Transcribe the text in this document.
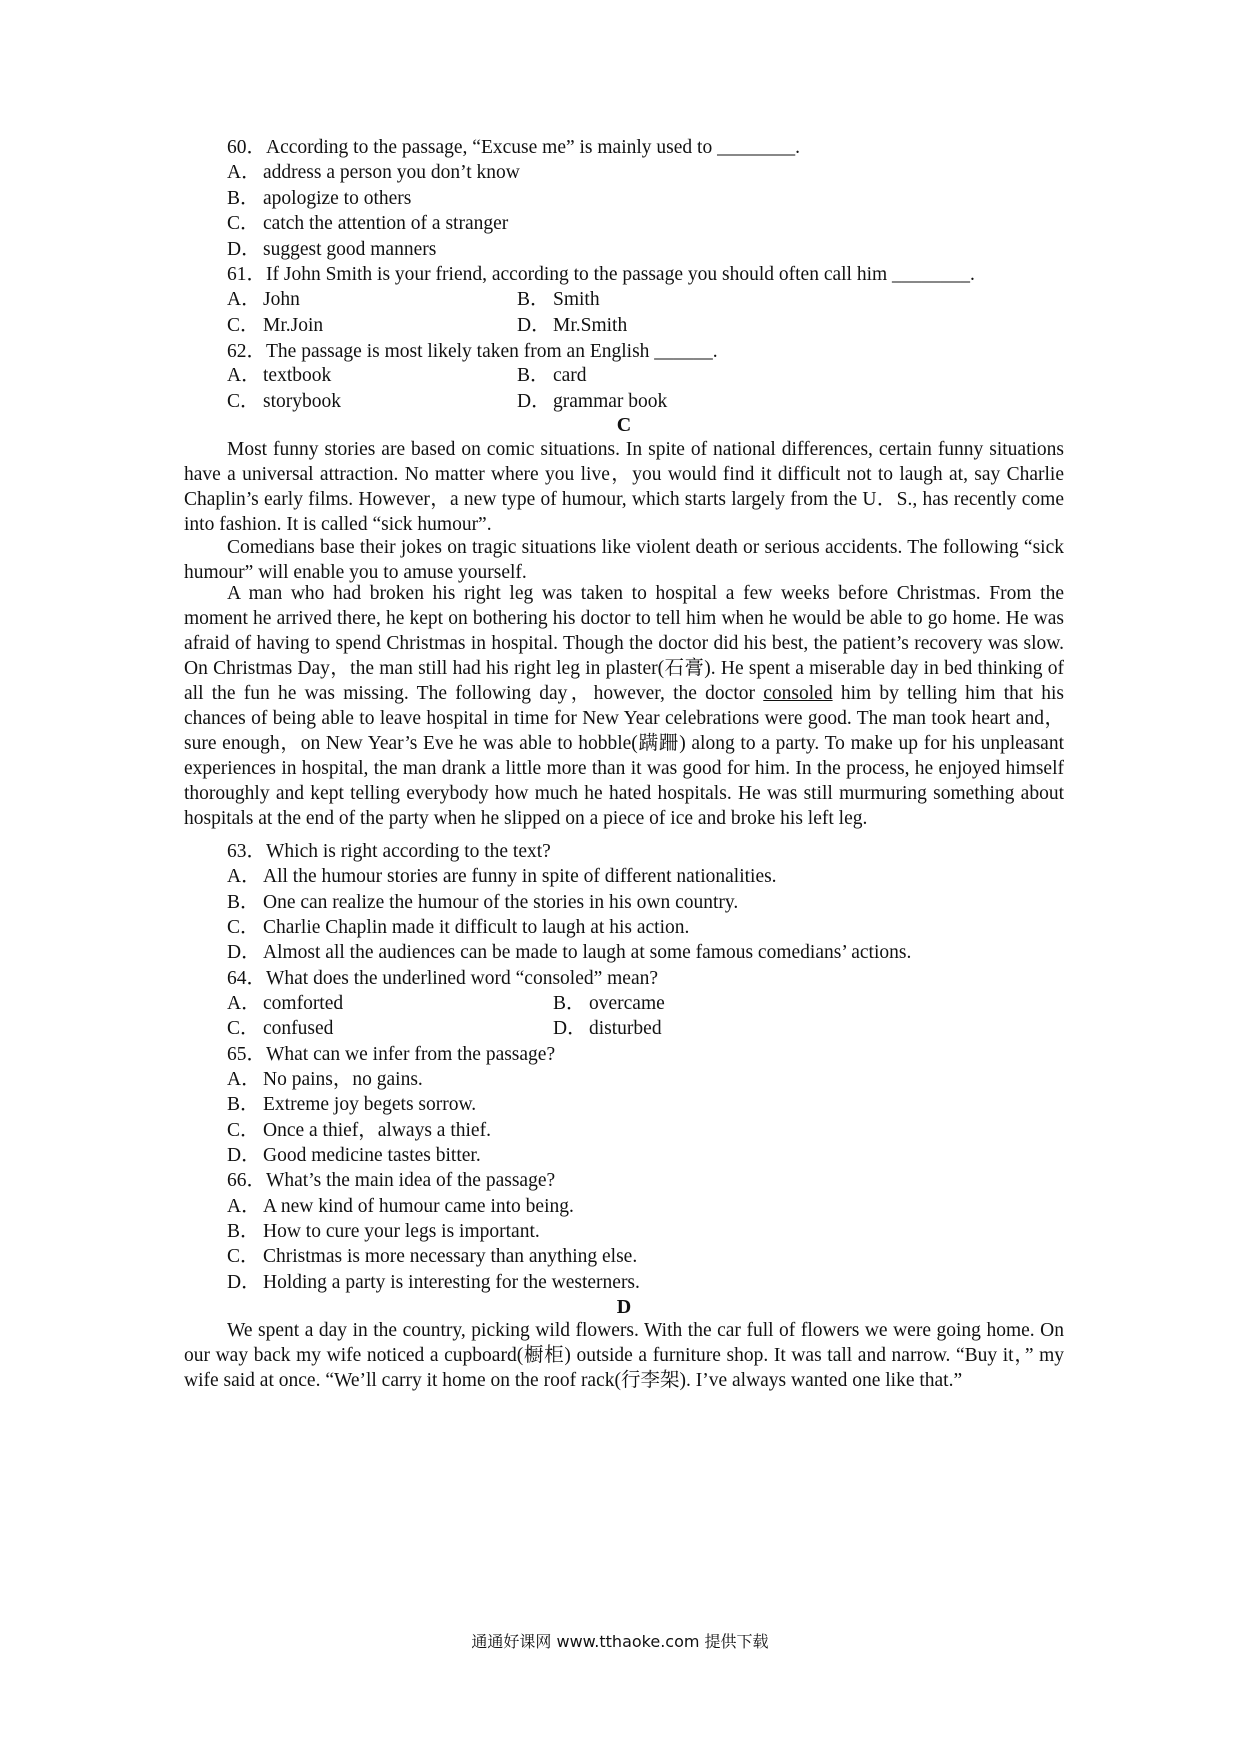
60．According to the passage, “Excuse me” is mainly used to ________.
A． address a person you don’t know
B． apologize to others
C． catch the attention of a stranger
D． suggest good manners
61．If John Smith is your friend, according to the passage you should often call him ________.
A． John	B． Smith
C． Mr.Join	D． Mr.Smith
62．The passage is most likely taken from an English ______.
A． textbook	B． card
C． storybook	D． grammar book
C

Most funny stories are based on comic situations. In spite of national differences, certain funny situations have a universal attraction. No matter where you live，you would find it difficult not to laugh at, say Charlie Chaplin’s early films. However，a new type of humour, which starts largely from the U．S., has recently come into fashion. It is called “sick humour”.

Comedians base their jokes on tragic situations like violent death or serious accidents. The following “sick humour” will enable you to amuse yourself.

A man who had broken his right leg was taken to hospital a few weeks before Christmas. From the moment he arrived there, he kept on bothering his doctor to tell him when he would be able to go home. He was afraid of having to spend Christmas in hospital. Though the doctor did his best, the patient’s recovery was slow. On Christmas Day，the man still had his right leg in plaster(石膏). He spent a miserable day in bed thinking of all the fun he was missing. The following day，however, the doctor consoled him by telling him that his chances of being able to leave hospital in time for New Year celebrations were good. The man took heart and，sure enough，on New Year’s Eve he was able to hobble(蹒跚) along to a party. To make up for his unpleasant experiences in hospital, the man drank a little more than it was good for him. In the process, he enjoyed himself thoroughly and kept telling everybody how much he hated hospitals. He was still murmuring something about hospitals at the end of the party when he slipped on a piece of ice and broke his left leg.

63．Which is right according to the text?
A． All the humour stories are funny in spite of different nationalities.
B． One can realize the humour of the stories in his own country.
C． Charlie Chaplin made it difficult to laugh at his action.
D． Almost all the audiences can be made to laugh at some famous comedians’ actions.
64．What does the underlined word “consoled” mean?
A． comforted	B． overcame
C． confused	D． disturbed
65．What can we infer from the passage?
A． No pains，no gains.
B． Extreme joy begets sorrow.
C． Once a thief，always a thief.
D． Good medicine tastes bitter.
66．What’s the main idea of the passage?
A． A new kind of humour came into being.
B． How to cure your legs is important.
C． Christmas is more necessary than anything else.
D． Holding a party is interesting for the westerners.
D

We spent a day in the country, picking wild flowers. With the car full of flowers we were going home. On our way back my wife noticed a cupboard(橱柜) outside a furniture shop. It was tall and narrow. “Buy it，” my wife said at once. “We’ll carry it home on the roof rack(行李架). I’ve always wanted one like that.”

通通好课网 www.tthaoke.com 提供下载
